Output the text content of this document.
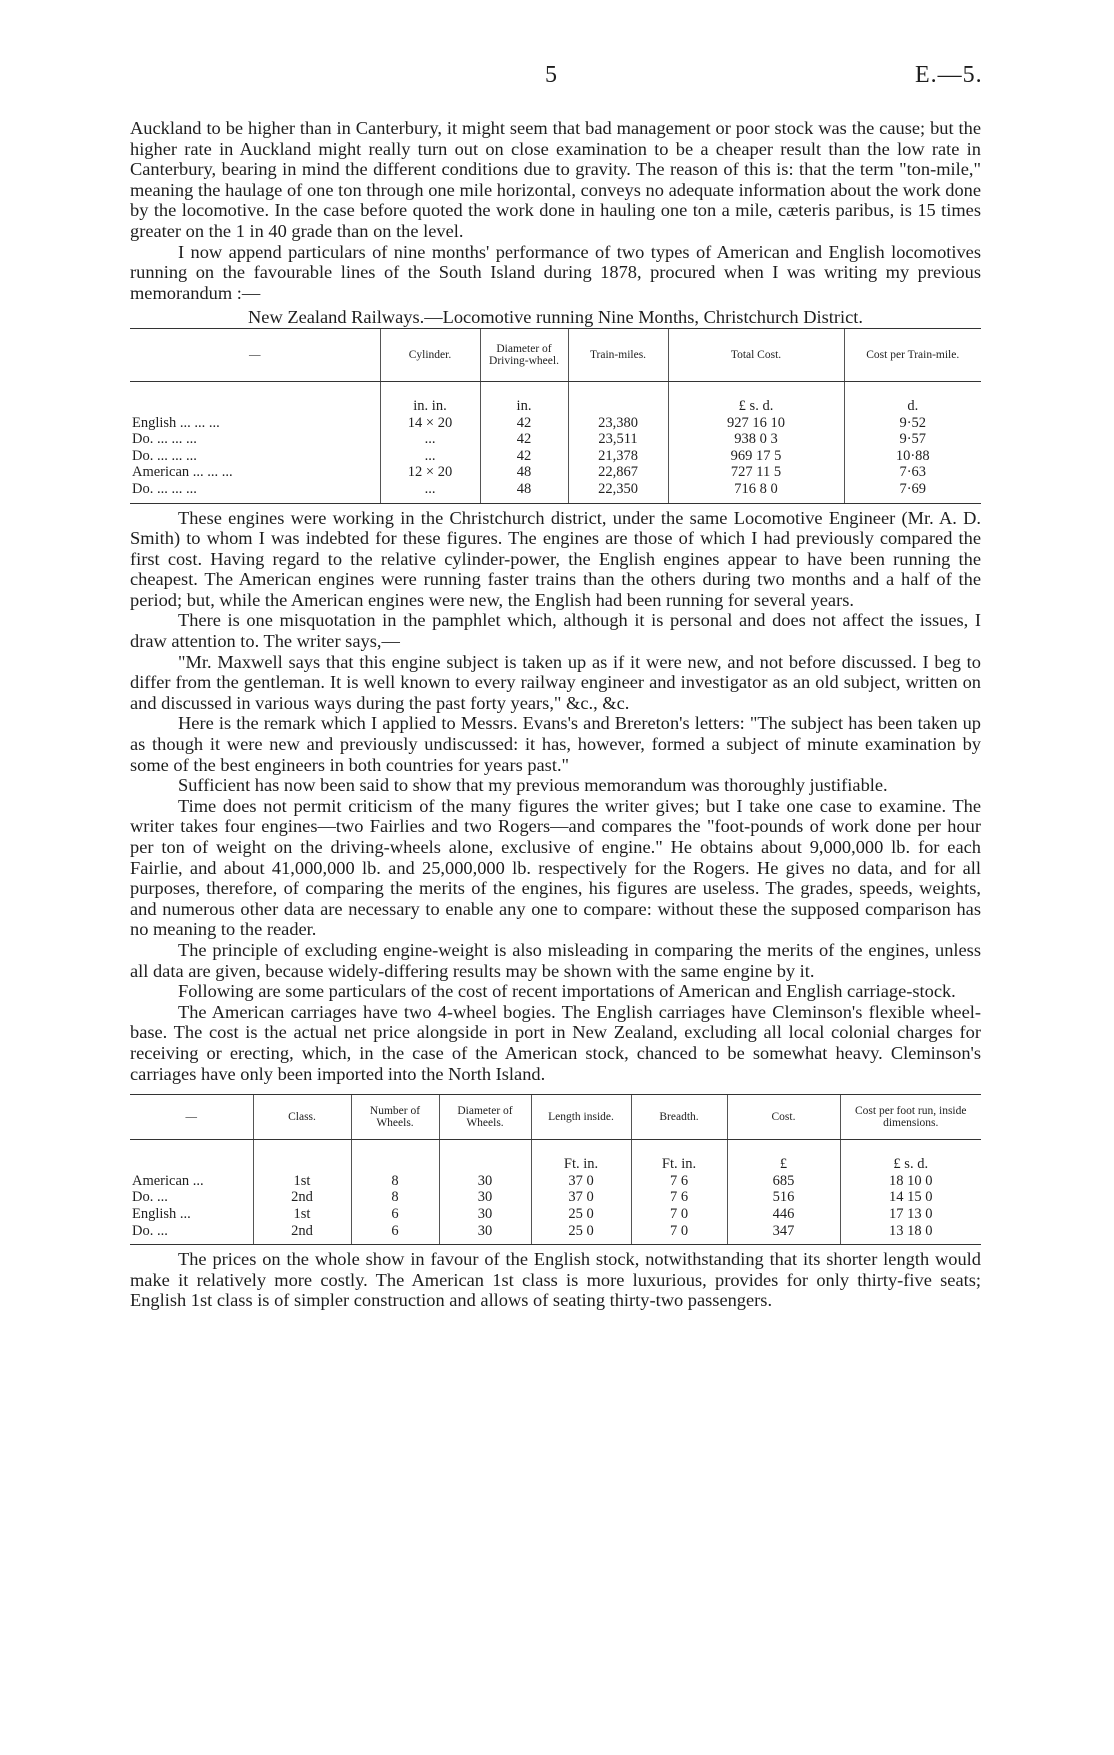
5	E.—5.

Auckland to be higher than in Canterbury, it might seem that bad management or poor stock was the cause; but the higher rate in Auckland might really turn out on close examination to be a cheaper result than the low rate in Canterbury, bearing in mind the different conditions due to gravity. The reason of this is: that the term "ton-mile," meaning the haulage of one ton through one mile horizontal, conveys no adequate information about the work done by the locomotive. In the case before quoted the work done in hauling one ton a mile, cæteris paribus, is 15 times greater on the 1 in 40 grade than on the level.

I now append particulars of nine months' performance of two types of American and English locomotives running on the favourable lines of the South Island during 1878, procured when I was writing my previous memorandum :—

New Zealand Railways.—Locomotive running Nine Months, Christchurch District.

—	Cylinder.	Diameter of Driving-wheel.	Train-miles.	Total Cost.	Cost per Train-mile.
	in. in.	in.		£ s. d.	d.
English ... ... ...	14 × 20	42	23,380	927 16 10	9·52
Do. ... ... ...	...	42	23,511	938 0 3	9·57
Do. ... ... ...	...	42	21,378	969 17 5	10·88
American ... ... ...	12 × 20	48	22,867	727 11 5	7·63
Do. ... ... ...	...	48	22,350	716 8 0	7·69

These engines were working in the Christchurch district, under the same Locomotive Engineer (Mr. A. D. Smith) to whom I was indebted for these figures. The engines are those of which I had previously compared the first cost. Having regard to the relative cylinder-power, the English engines appear to have been running the cheapest. The American engines were running faster trains than the others during two months and a half of the period; but, while the American engines were new, the English had been running for several years.

There is one misquotation in the pamphlet which, although it is personal and does not affect the issues, I draw attention to. The writer says,—

"Mr. Maxwell says that this engine subject is taken up as if it were new, and not before discussed. I beg to differ from the gentleman. It is well known to every railway engineer and investigator as an old subject, written on and discussed in various ways during the past forty years," &c., &c.

Here is the remark which I applied to Messrs. Evans's and Brereton's letters: "The subject has been taken up as though it were new and previously undiscussed: it has, however, formed a subject of minute examination by some of the best engineers in both countries for years past."

Sufficient has now been said to show that my previous memorandum was thoroughly justifiable.

Time does not permit criticism of the many figures the writer gives; but I take one case to examine. The writer takes four engines—two Fairlies and two Rogers—and compares the "foot-pounds of work done per hour per ton of weight on the driving-wheels alone, exclusive of engine." He obtains about 9,000,000 lb. for each Fairlie, and about 41,000,000 lb. and 25,000,000 lb. respectively for the Rogers. He gives no data, and for all purposes, therefore, of comparing the merits of the engines, his figures are useless. The grades, speeds, weights, and numerous other data are necessary to enable any one to compare: without these the supposed comparison has no meaning to the reader.

The principle of excluding engine-weight is also misleading in comparing the merits of the engines, unless all data are given, because widely-differing results may be shown with the same engine by it.

Following are some particulars of the cost of recent importations of American and English carriage-stock.

The American carriages have two 4-wheel bogies. The English carriages have Cleminson's flexible wheel-base. The cost is the actual net price alongside in port in New Zealand, excluding all local colonial charges for receiving or erecting, which, in the case of the American stock, chanced to be somewhat heavy. Cleminson's carriages have only been imported into the North Island.

—	Class.	Number of Wheels.	Diameter of Wheels.	Length inside.	Breadth.	Cost.	Cost per foot run, inside dimensions.
				Ft. in.	Ft. in.	£	£ s. d.
American ...	1st	8	30	37 0	7 6	685	18 10 0
Do. ...	2nd	8	30	37 0	7 6	516	14 15 0
English ...	1st	6	30	25 0	7 0	446	17 13 0
Do. ...	2nd	6	30	25 0	7 0	347	13 18 0

The prices on the whole show in favour of the English stock, notwithstanding that its shorter length would make it relatively more costly. The American 1st class is more luxurious, provides for only thirty-five seats; English 1st class is of simpler construction and allows of seating thirty-two passengers.
